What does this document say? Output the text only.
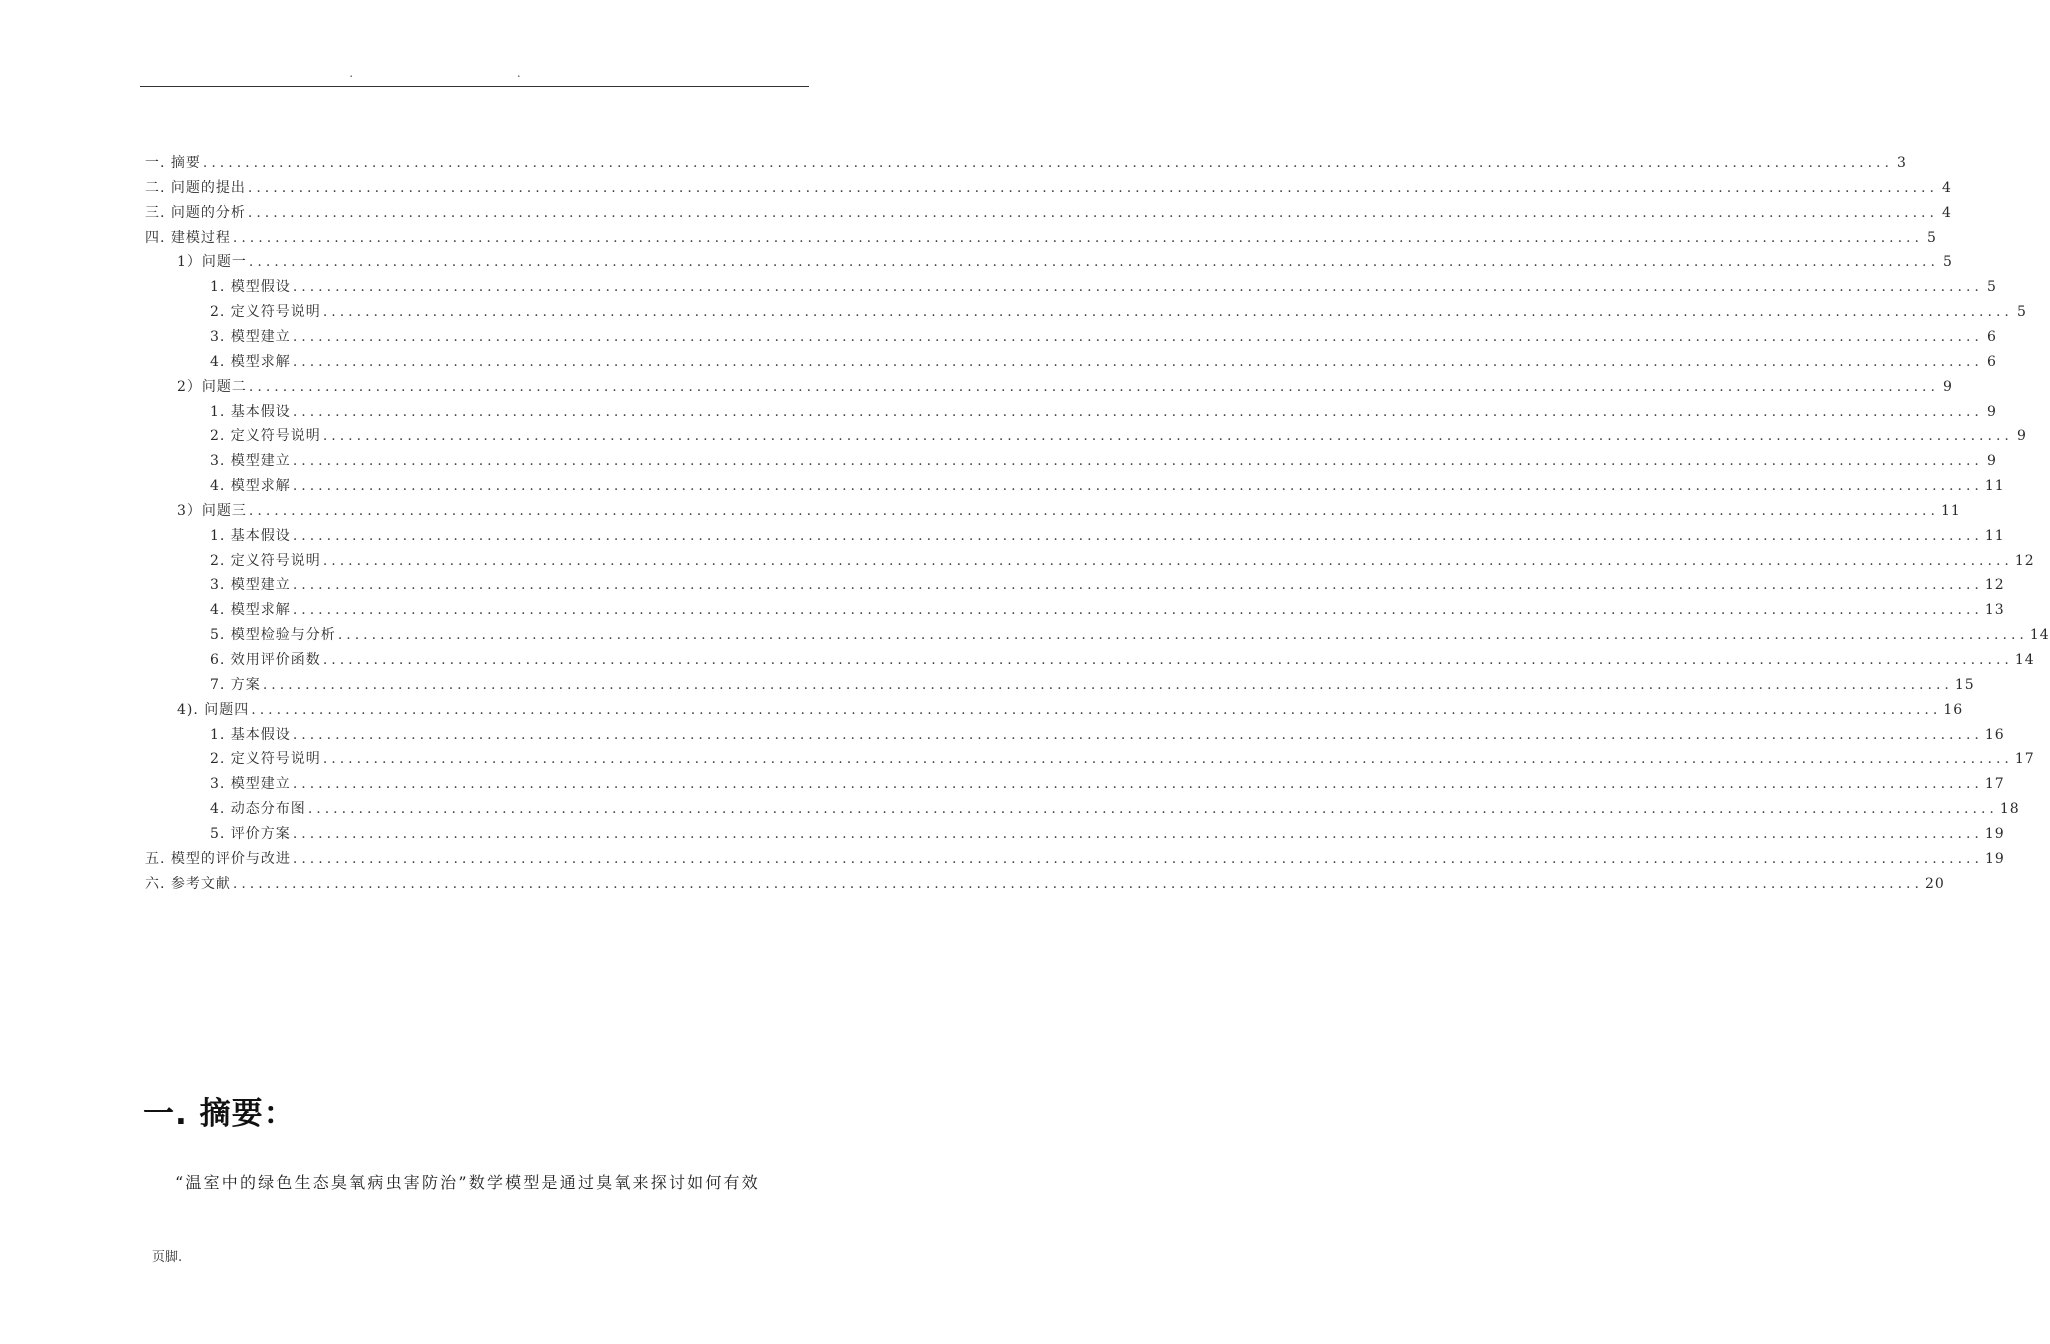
. .
一. 摘要 ........................................................................................................................................................................................................ 3
二. 问题的提出 ........................................................................................................................................................................................................ 4
三. 问题的分析 ........................................................................................................................................................................................................ 4
四. 建模过程 ........................................................................................................................................................................................................ 5
1）问题一 ........................................................................................................................................................................................................ 5
1. 模型假设 ........................................................................................................................................................................................................ 5
2. 定义符号说明 ........................................................................................................................................................................................................ 5
3. 模型建立 ........................................................................................................................................................................................................ 6
4. 模型求解 ........................................................................................................................................................................................................ 6
2）问题二 ........................................................................................................................................................................................................ 9
1. 基本假设 ........................................................................................................................................................................................................ 9
2. 定义符号说明 ........................................................................................................................................................................................................ 9
3. 模型建立 ........................................................................................................................................................................................................ 9
4. 模型求解 ........................................................................................................................................................................................................ 11
3）问题三 ........................................................................................................................................................................................................ 11
1. 基本假设 ........................................................................................................................................................................................................ 11
2. 定义符号说明 ........................................................................................................................................................................................................ 12
3. 模型建立 ........................................................................................................................................................................................................ 12
4. 模型求解 ........................................................................................................................................................................................................ 13
5. 模型检验与分析 ........................................................................................................................................................................................................ 14
6. 效用评价函数 ........................................................................................................................................................................................................ 14
7. 方案 ........................................................................................................................................................................................................ 15
4). 问题四 ........................................................................................................................................................................................................ 16
1. 基本假设 ........................................................................................................................................................................................................ 16
2. 定义符号说明 ........................................................................................................................................................................................................ 17
3. 模型建立 ........................................................................................................................................................................................................ 17
4. 动态分布图 ........................................................................................................................................................................................................ 18
5. 评价方案 ........................................................................................................................................................................................................ 19
五. 模型的评价与改进 ........................................................................................................................................................................................................ 19
六. 参考文献 ........................................................................................................................................................................................................ 20
一. 摘要：
“温室中的绿色生态臭氧病虫害防治”数学模型是通过臭氧来探讨如何有效
页脚.
